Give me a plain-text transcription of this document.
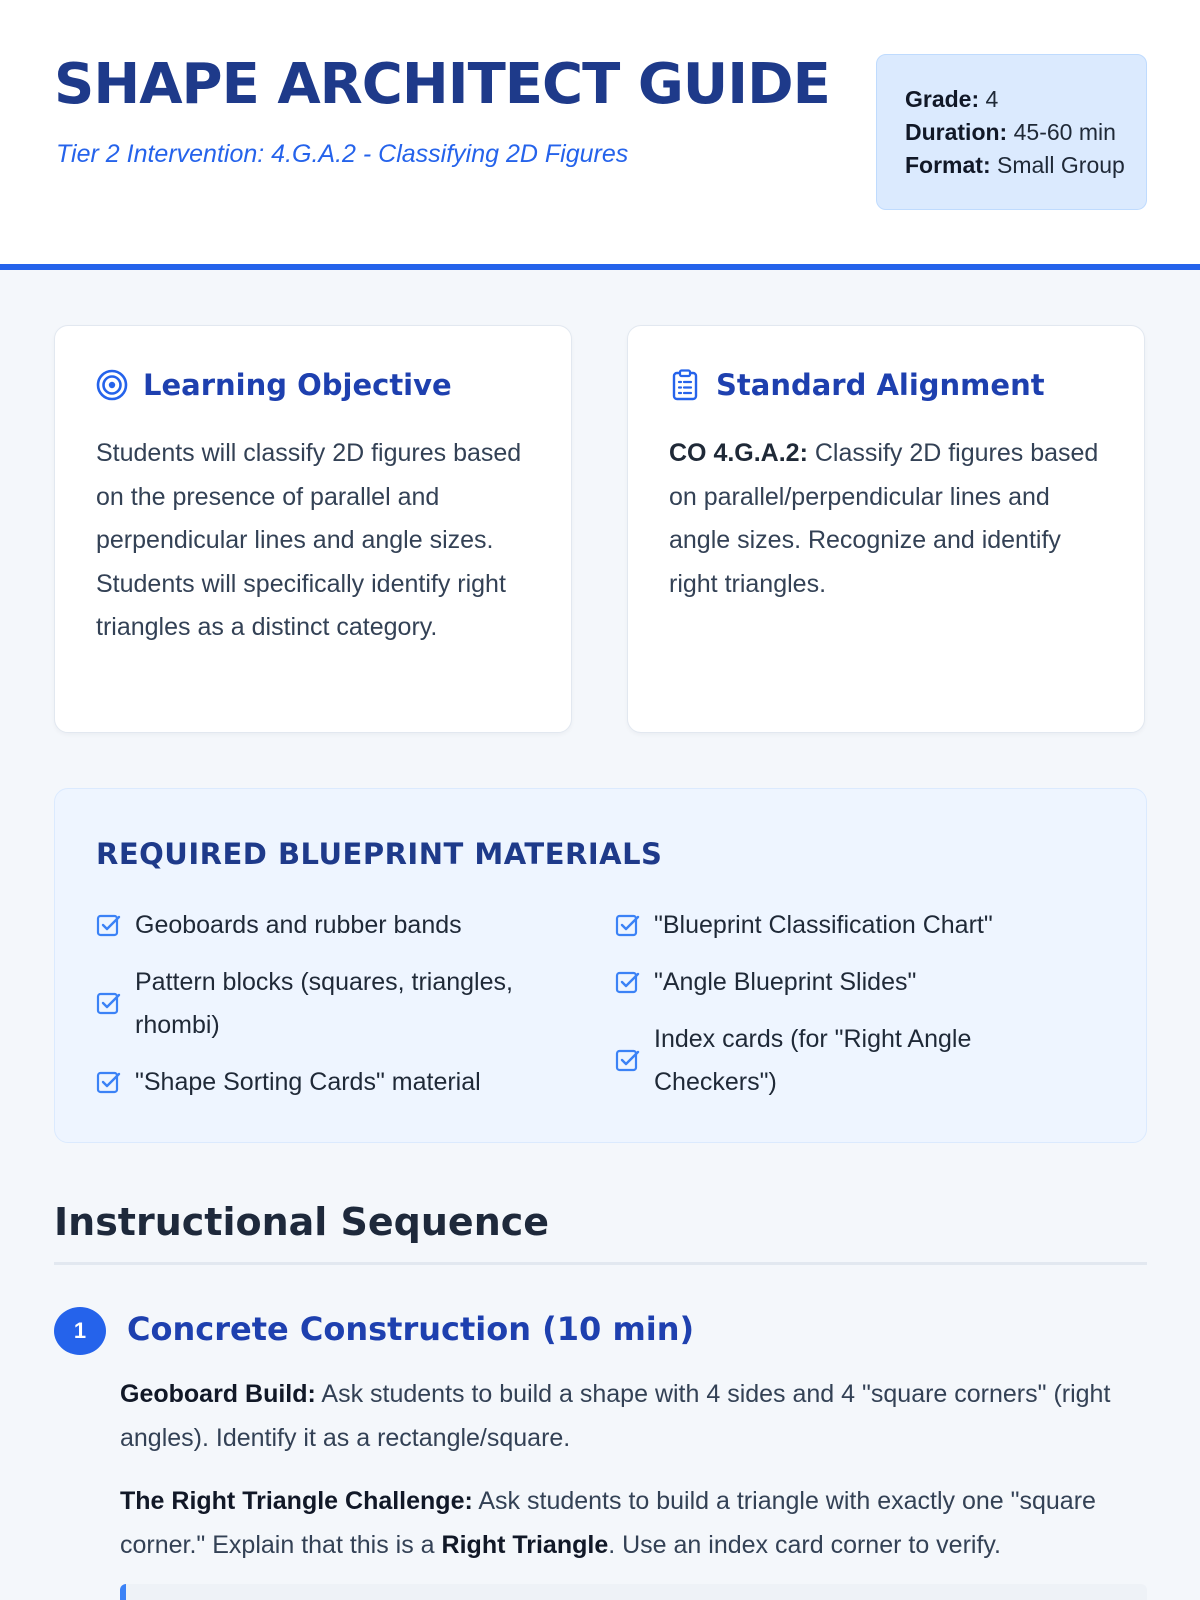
SHAPE ARCHITECT GUIDE
Tier 2 Intervention: 4.G.A.2 - Classifying 2D Figures
Grade: 4
Duration: 45-60 min
Format: Small Group
Learning Objective
Students will classify 2D figures based on the presence of parallel and perpendicular lines and angle sizes. Students will specifically identify right triangles as a distinct category.
Standard Alignment
CO 4.G.A.2: Classify 2D figures based on parallel/perpendicular lines and angle sizes. Recognize and identify right triangles.
REQUIRED BLUEPRINT MATERIALS
Geoboards and rubber bands
Pattern blocks (squares, triangles, rhombi)
"Shape Sorting Cards" material
"Blueprint Classification Chart"
"Angle Blueprint Slides"
Index cards (for "Right Angle Checkers")
Instructional Sequence
1	Concrete Construction (10 min)
Geoboard Build: Ask students to build a shape with 4 sides and 4 "square corners" (right angles). Identify it as a rectangle/square.
The Right Triangle Challenge: Ask students to build a triangle with exactly one "square corner." Explain that this is a Right Triangle. Use an index card corner to verify.
